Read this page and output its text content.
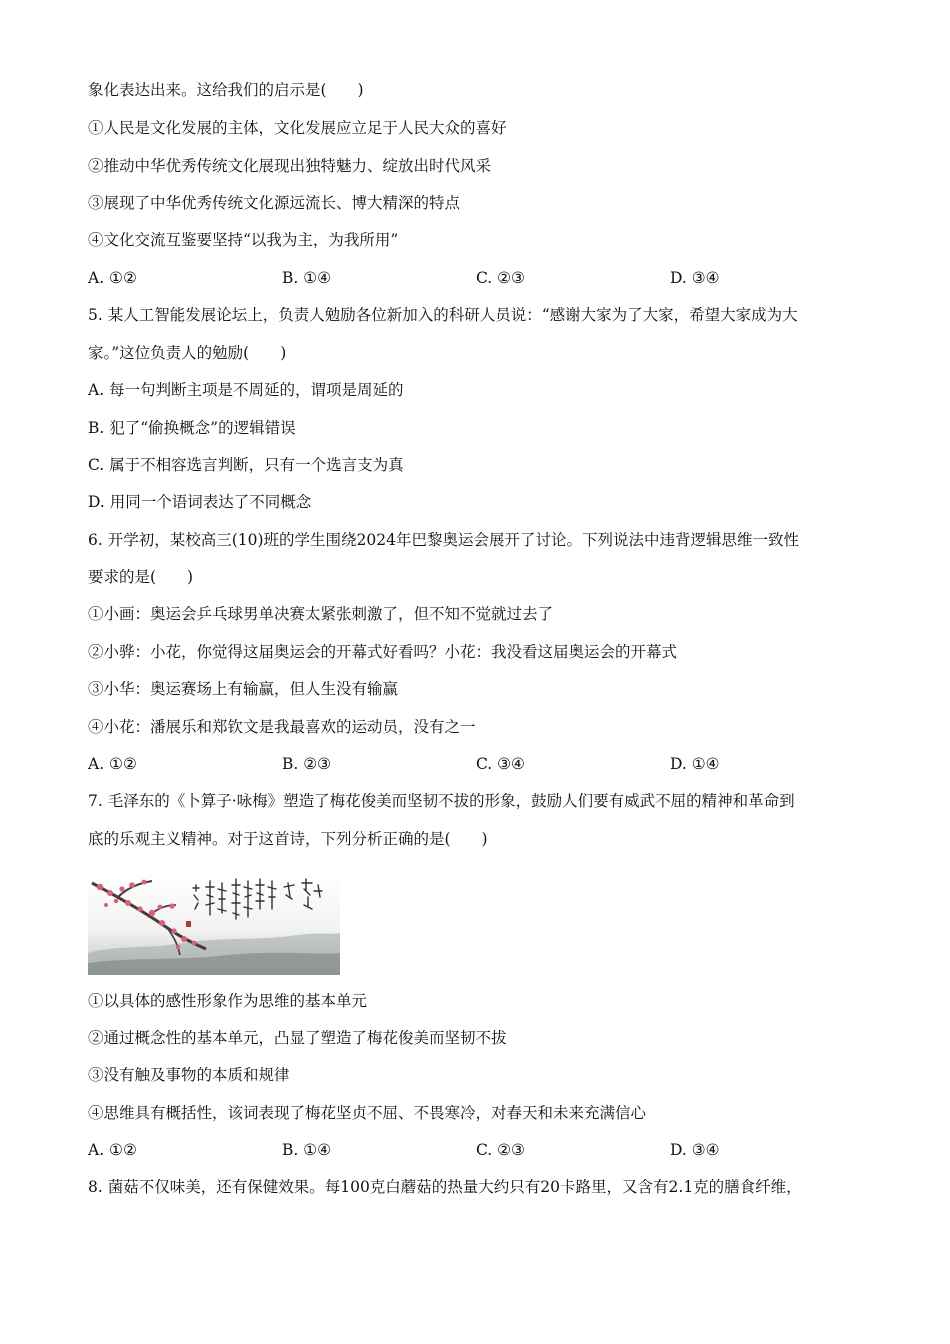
象化表达出来。这给我们的启示是(　　)
①人民是文化发展的主体，文化发展应立足于人民大众的喜好
②推动中华优秀传统文化展现出独特魅力、绽放出时代风采
③展现了中华优秀传统文化源远流长、博大精深的特点
④文化交流互鉴要坚持“以我为主，为我所用”
A. ①②	B. ①④	C. ②③	D. ③④
5. 某人工智能发展论坛上，负责人勉励各位新加入的科研人员说：“感谢大家为了大家，希望大家成为大
家。”这位负责人的勉励(　　)
A. 每一句判断主项是不周延的，谓项是周延的
B. 犯了“偷换概念”的逻辑错误
C. 属于不相容选言判断，只有一个选言支为真
D. 用同一个语词表达了不同概念
6. 开学初，某校高三(10)班的学生围绕2024年巴黎奥运会展开了讨论。下列说法中违背逻辑思维一致性
要求的是(　　)
①小画：奥运会乒乓球男单决赛太紧张刺激了，但不知不觉就过去了
②小骅：小花，你觉得这届奥运会的开幕式好看吗？小花：我没看这届奥运会的开幕式
③小华：奥运赛场上有输赢，但人生没有输赢
④小花：潘展乐和郑钦文是我最喜欢的运动员，没有之一
A. ①②	B. ②③	C. ③④	D. ①④
7. 毛泽东的《卜算子·咏梅》塑造了梅花俊美而坚韧不拔的形象，鼓励人们要有威武不屈的精神和革命到
底的乐观主义精神。对于这首诗，下列分析正确的是(　　)
①以具体的感性形象作为思维的基本单元
②通过概念性的基本单元，凸显了塑造了梅花俊美而坚韧不拔
③没有触及事物的本质和规律
④思维具有概括性，该词表现了梅花坚贞不屈、不畏寒冷，对春天和未来充满信心
A. ①②	B. ①④	C. ②③	D. ③④
8. 菌菇不仅味美，还有保健效果。每100克白蘑菇的热量大约只有20卡路里，又含有2.1克的膳食纤维，
